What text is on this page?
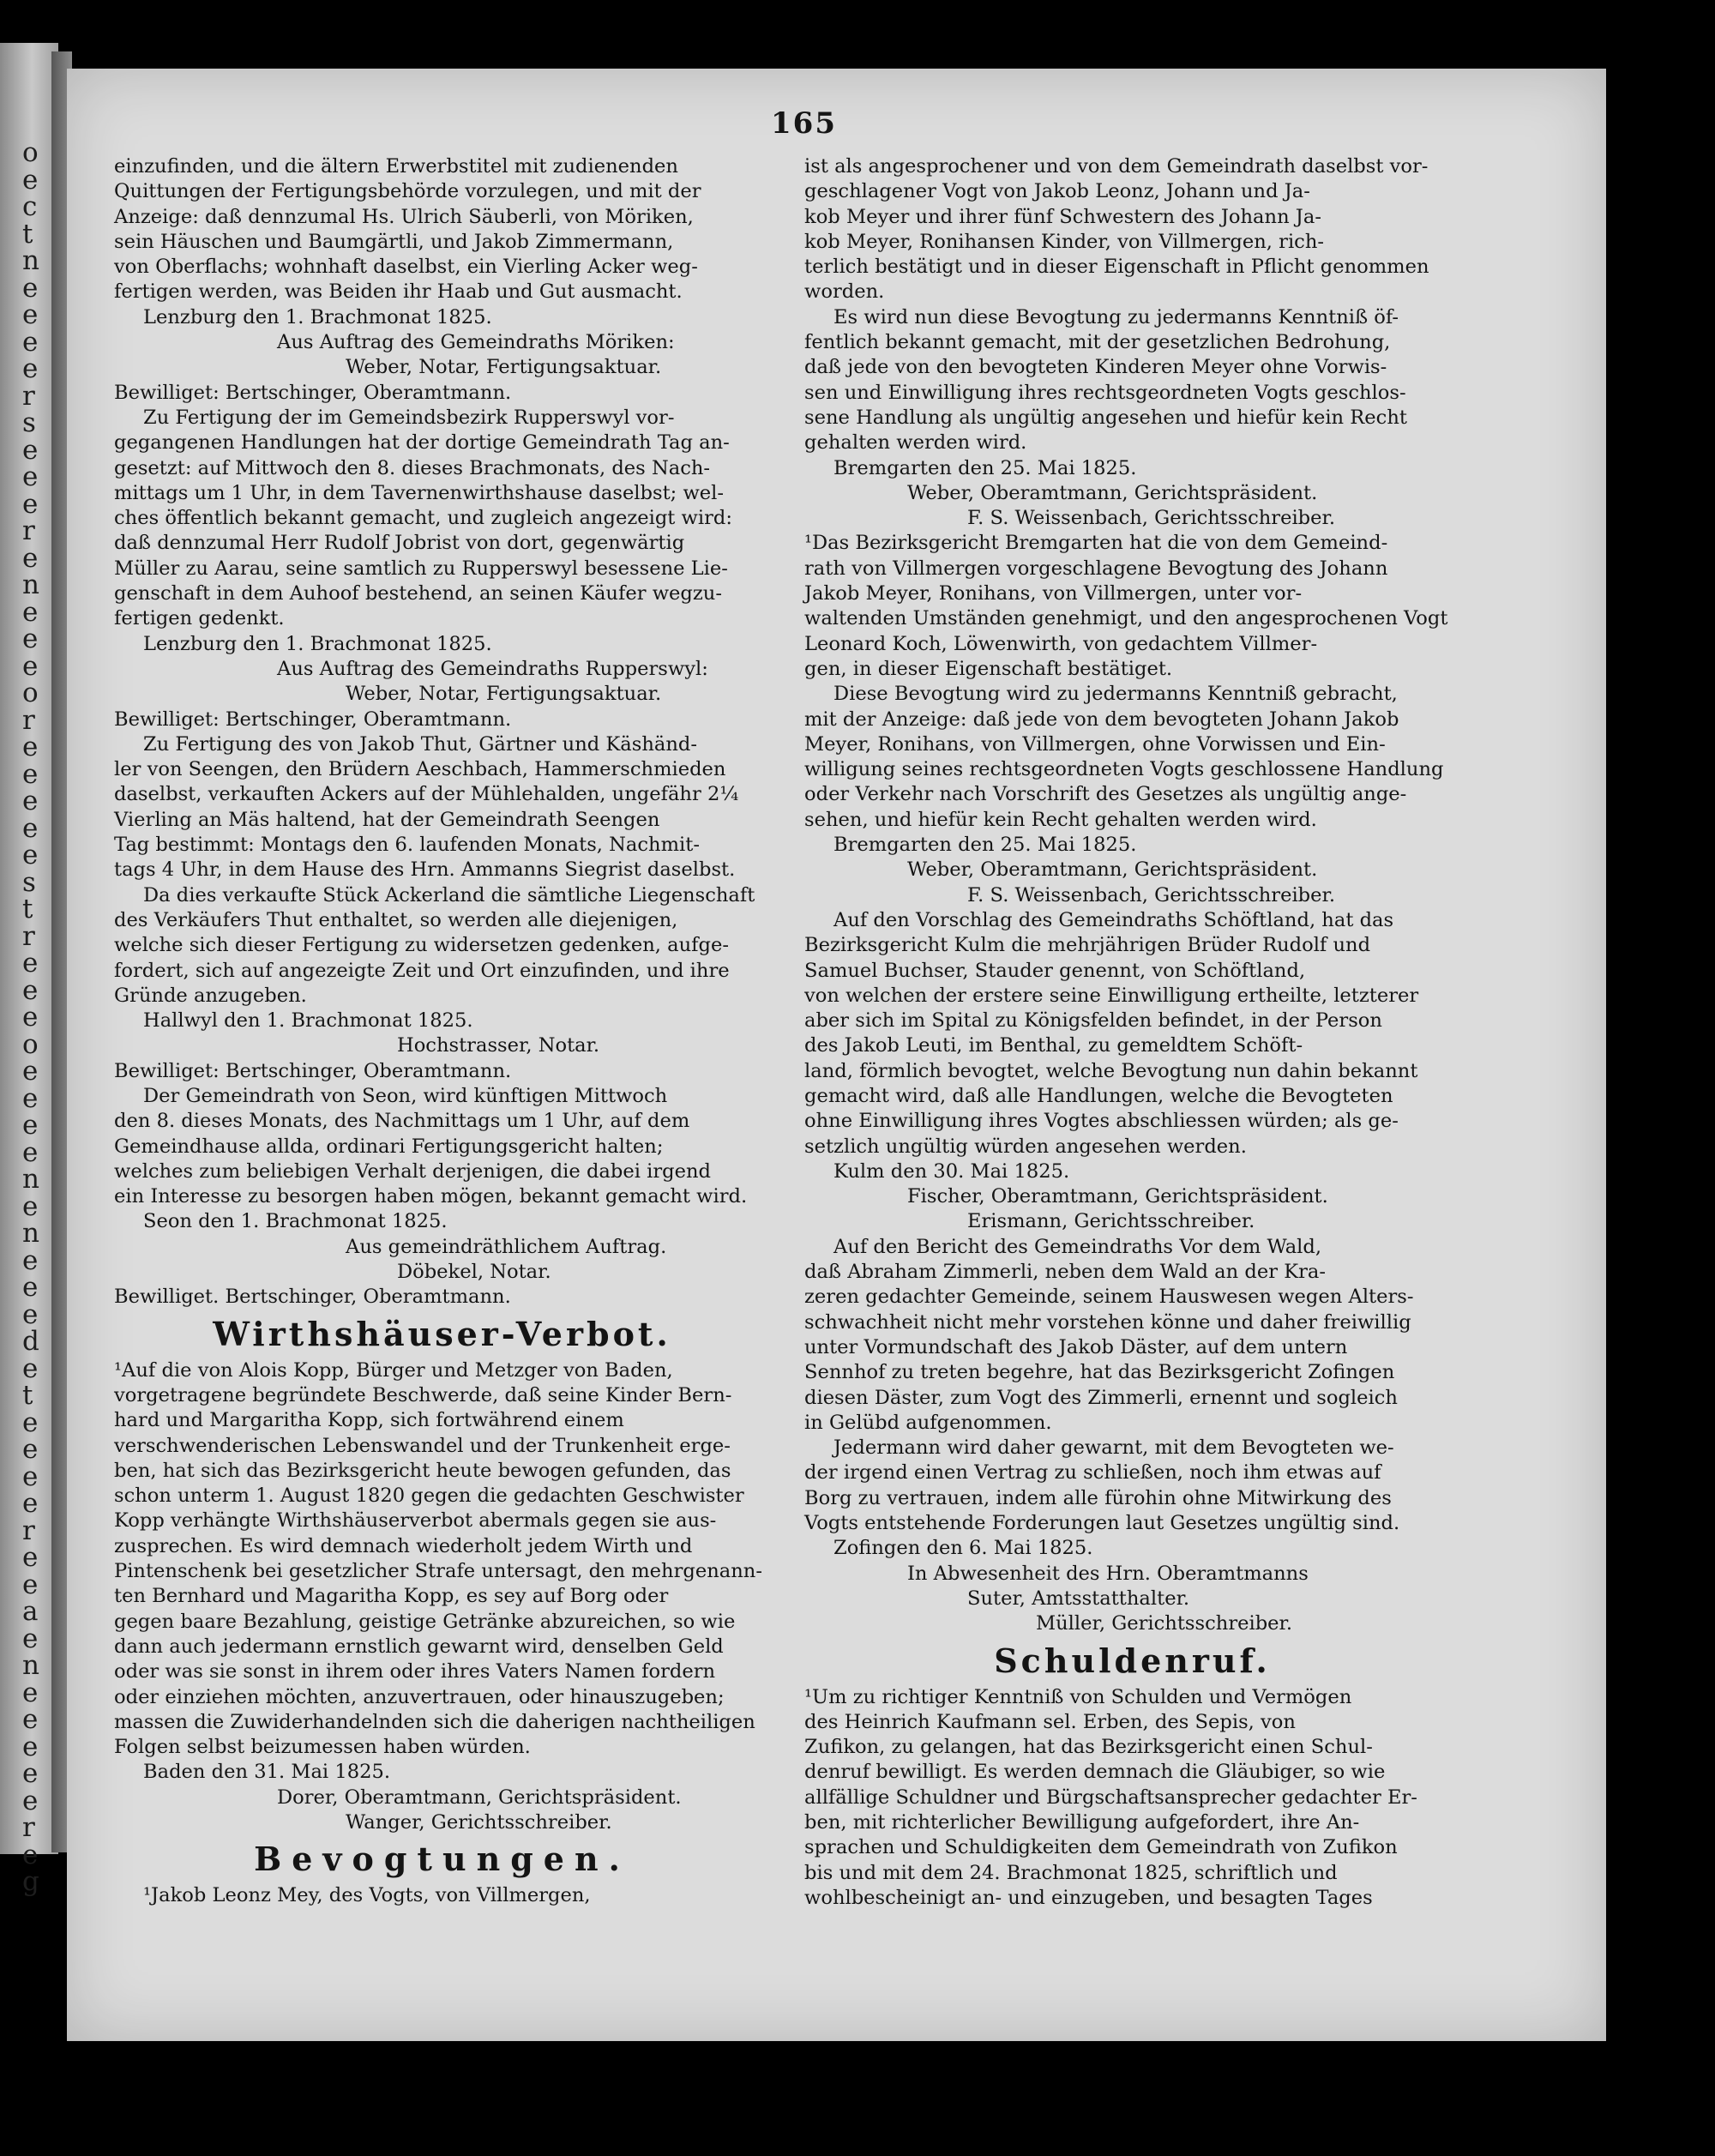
o
e
c
t
n
e
e
e
e
r
s
e
e
e
r
e
n
e
e
e
o
r
e
e
e
e
e
s
t
r
e
e
e
o
e
e
e
e
n
e
n
e
e
e
d
e
t
e
e
e
e
r
e
e
a
e
n
e
e
e
e
e
r
e
g
165
einzufinden, und die ältern Erwerbstitel mit zudienenden
Quittungen der Fertigungsbehörde vorzulegen, und mit der
Anzeige: daß dennzumal Hs. Ulrich Säuberli, von Möriken,
sein Häuschen und Baumgärtli, und Jakob Zimmermann,
von Oberflachs; wohnhaft daselbst, ein Vierling Acker weg-
fertigen werden, was Beiden ihr Haab und Gut ausmacht.
Lenzburg den 1. Brachmonat 1825.
Aus Auftrag des Gemeindraths Möriken:
Weber, Notar, Fertigungsaktuar.
Bewilliget: Bertschinger, Oberamtmann.
Zu Fertigung der im Gemeindsbezirk Rupperswyl vor-
gegangenen Handlungen hat der dortige Gemeindrath Tag an-
gesetzt: auf Mittwoch den 8. dieses Brachmonats, des Nach-
mittags um 1 Uhr, in dem Tavernenwirthshause daselbst; wel-
ches öffentlich bekannt gemacht, und zugleich angezeigt wird:
daß dennzumal Herr Rudolf Jobrist von dort, gegenwärtig
Müller zu Aarau, seine samtlich zu Rupperswyl besessene Lie-
genschaft in dem Auhoof bestehend, an seinen Käufer wegzu-
fertigen gedenkt.
Lenzburg den 1. Brachmonat 1825.
Aus Auftrag des Gemeindraths Rupperswyl:
Weber, Notar, Fertigungsaktuar.
Bewilliget: Bertschinger, Oberamtmann.
Zu Fertigung des von Jakob Thut, Gärtner und Käshänd-
ler von Seengen, den Brüdern Aeschbach, Hammerschmieden
daselbst, verkauften Ackers auf der Mühlehalden, ungefähr 2¼
Vierling an Mäs haltend, hat der Gemeindrath Seengen
Tag bestimmt: Montags den 6. laufenden Monats, Nachmit-
tags 4 Uhr, in dem Hause des Hrn. Ammanns Siegrist daselbst.
Da dies verkaufte Stück Ackerland die sämtliche Liegenschaft
des Verkäufers Thut enthaltet, so werden alle diejenigen,
welche sich dieser Fertigung zu widersetzen gedenken, aufge-
fordert, sich auf angezeigte Zeit und Ort einzufinden, und ihre
Gründe anzugeben.
Hallwyl den 1. Brachmonat 1825.
Hochstrasser, Notar.
Bewilliget: Bertschinger, Oberamtmann.
Der Gemeindrath von Seon, wird künftigen Mittwoch
den 8. dieses Monats, des Nachmittags um 1 Uhr, auf dem
Gemeindhause allda, ordinari Fertigungsgericht halten;
welches zum beliebigen Verhalt derjenigen, die dabei irgend
ein Interesse zu besorgen haben mögen, bekannt gemacht wird.
Seon den 1. Brachmonat 1825.
Aus gemeindräthlichem Auftrag.
Döbekel, Notar.
Bewilliget. Bertschinger, Oberamtmann.
Wirthshäuser-Verbot.
¹Auf die von Alois Kopp, Bürger und Metzger von Baden,
vorgetragene begründete Beschwerde, daß seine Kinder Bern-
hard und Margaritha Kopp, sich fortwährend einem
verschwenderischen Lebenswandel und der Trunkenheit erge-
ben, hat sich das Bezirksgericht heute bewogen gefunden, das
schon unterm 1. August 1820 gegen die gedachten Geschwister
Kopp verhängte Wirthshäuserverbot abermals gegen sie aus-
zusprechen. Es wird demnach wiederholt jedem Wirth und
Pintenschenk bei gesetzlicher Strafe untersagt, den mehrgenann-
ten Bernhard und Magaritha Kopp, es sey auf Borg oder
gegen baare Bezahlung, geistige Getränke abzureichen, so wie
dann auch jedermann ernstlich gewarnt wird, denselben Geld
oder was sie sonst in ihrem oder ihres Vaters Namen fordern
oder einziehen möchten, anzuvertrauen, oder hinauszugeben;
massen die Zuwiderhandelnden sich die daherigen nachtheiligen
Folgen selbst beizumessen haben würden.
Baden den 31. Mai 1825.
Dorer, Oberamtmann, Gerichtspräsident.
Wanger, Gerichtsschreiber.
Bevogtungen.
¹Jakob Leonz Mey, des Vogts, von Villmergen,
ist als angesprochener und von dem Gemeindrath daselbst vor-
geschlagener Vogt von Jakob Leonz, Johann und Ja-
kob Meyer und ihrer fünf Schwestern des Johann Ja-
kob Meyer, Ronihansen Kinder, von Villmergen, rich-
terlich bestätigt und in dieser Eigenschaft in Pflicht genommen
worden.
Es wird nun diese Bevogtung zu jedermanns Kenntniß öf-
fentlich bekannt gemacht, mit der gesetzlichen Bedrohung,
daß jede von den bevogteten Kinderen Meyer ohne Vorwis-
sen und Einwilligung ihres rechtsgeordneten Vogts geschlos-
sene Handlung als ungültig angesehen und hiefür kein Recht
gehalten werden wird.
Bremgarten den 25. Mai 1825.
Weber, Oberamtmann, Gerichtspräsident.
F. S. Weissenbach, Gerichtsschreiber.
¹Das Bezirksgericht Bremgarten hat die von dem Gemeind-
rath von Villmergen vorgeschlagene Bevogtung des Johann
Jakob Meyer, Ronihans, von Villmergen, unter vor-
waltenden Umständen genehmigt, und den angesprochenen Vogt
Leonard Koch, Löwenwirth, von gedachtem Villmer-
gen, in dieser Eigenschaft bestätiget.
Diese Bevogtung wird zu jedermanns Kenntniß gebracht,
mit der Anzeige: daß jede von dem bevogteten Johann Jakob
Meyer, Ronihans, von Villmergen, ohne Vorwissen und Ein-
willigung seines rechtsgeordneten Vogts geschlossene Handlung
oder Verkehr nach Vorschrift des Gesetzes als ungültig ange-
sehen, und hiefür kein Recht gehalten werden wird.
Bremgarten den 25. Mai 1825.
Weber, Oberamtmann, Gerichtspräsident.
F. S. Weissenbach, Gerichtsschreiber.
Auf den Vorschlag des Gemeindraths Schöftland, hat das
Bezirksgericht Kulm die mehrjährigen Brüder Rudolf und
Samuel Buchser, Stauder genennt, von Schöftland,
von welchen der erstere seine Einwilligung ertheilte, letzterer
aber sich im Spital zu Königsfelden befindet, in der Person
des Jakob Leuti, im Benthal, zu gemeldtem Schöft-
land, förmlich bevogtet, welche Bevogtung nun dahin bekannt
gemacht wird, daß alle Handlungen, welche die Bevogteten
ohne Einwilligung ihres Vogtes abschliessen würden; als ge-
setzlich ungültig würden angesehen werden.
Kulm den 30. Mai 1825.
Fischer, Oberamtmann, Gerichtspräsident.
Erismann, Gerichtsschreiber.
Auf den Bericht des Gemeindraths Vor dem Wald,
daß Abraham Zimmerli, neben dem Wald an der Kra-
zeren gedachter Gemeinde, seinem Hauswesen wegen Alters-
schwachheit nicht mehr vorstehen könne und daher freiwillig
unter Vormundschaft des Jakob Däster, auf dem untern
Sennhof zu treten begehre, hat das Bezirksgericht Zofingen
diesen Däster, zum Vogt des Zimmerli, ernennt und sogleich
in Gelübd aufgenommen.
Jedermann wird daher gewarnt, mit dem Bevogteten we-
der irgend einen Vertrag zu schließen, noch ihm etwas auf
Borg zu vertrauen, indem alle fürohin ohne Mitwirkung des
Vogts entstehende Forderungen laut Gesetzes ungültig sind.
Zofingen den 6. Mai 1825.
In Abwesenheit des Hrn. Oberamtmanns
Suter, Amtsstatthalter.
Müller, Gerichtsschreiber.
Schuldenruf.
¹Um zu richtiger Kenntniß von Schulden und Vermögen
des Heinrich Kaufmann sel. Erben, des Sepis, von
Zufikon, zu gelangen, hat das Bezirksgericht einen Schul-
denruf bewilligt. Es werden demnach die Gläubiger, so wie
allfällige Schuldner und Bürgschaftsansprecher gedachter Er-
ben, mit richterlicher Bewilligung aufgefordert, ihre An-
sprachen und Schuldigkeiten dem Gemeindrath von Zufikon
bis und mit dem 24. Brachmonat 1825, schriftlich und
wohlbescheinigt an- und einzugeben, und besagten Tages
